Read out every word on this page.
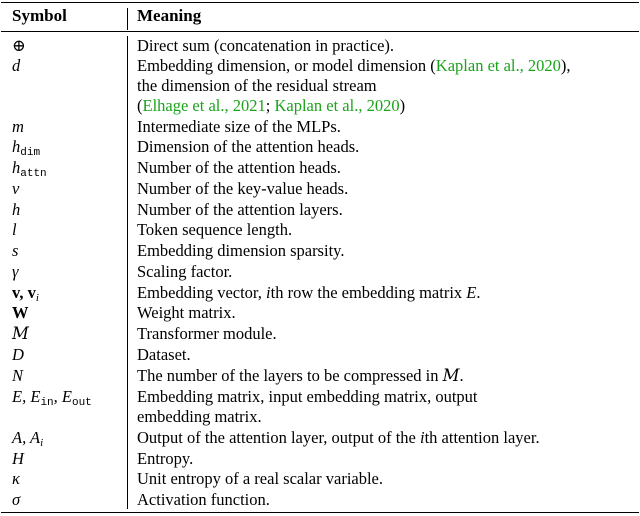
Symbol	Meaning
⊕	Direct sum (concatenation in practice).
d	Embedding dimension, or model dimension (Kaplan et al., 2020),
the dimension of the residual stream
(Elhage et al., 2021; Kaplan et al., 2020)
m	Intermediate size of the MLPs.
$h_{dim}$	Dimension of the attention heads.
$h_{attn}$	Number of the attention heads.
v	Number of the key-value heads.
h	Number of the attention layers.
l	Token sequence length.
s	Embedding dimension sparsity.
γ	Scaling factor.
v, $v_i$	Embedding vector, ith row the embedding matrix E.
W	Weight matrix.
M	Transformer module.
D	Dataset.
N	The number of the layers to be compressed in M.
E, $E_{in}$, $E_{out}$	Embedding matrix, input embedding matrix, output
embedding matrix.
A, $A_i$	Output of the attention layer, output of the ith attention layer.
H	Entropy.
κ	Unit entropy of a real scalar variable.
σ	Activation function.
